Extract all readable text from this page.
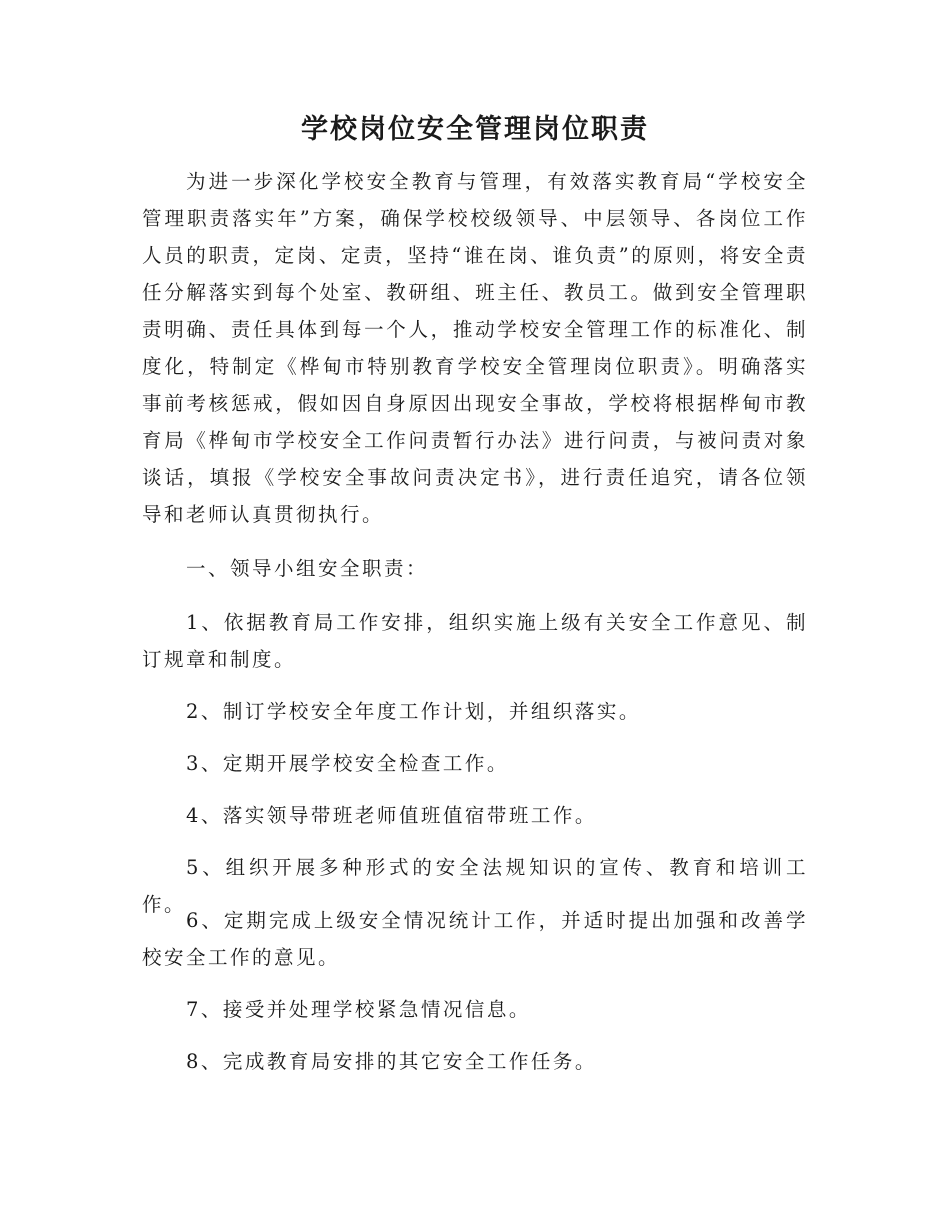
学校岗位安全管理岗位职责

为进一步深化学校安全教育与管理，有效落实教育局“学校安全管理职责落实年”方案，确保学校校级领导、中层领导、各岗位工作人员的职责，定岗、定责，坚持“谁在岗、谁负责”的原则，将安全责任分解落实到每个处室、教研组、班主任、教员工。做到安全管理职责明确、责任具体到每一个人，推动学校安全管理工作的标准化、制度化，特制定《桦甸市特别教育学校安全管理岗位职责》。明确落实事前考核惩戒，假如因自身原因出现安全事故，学校将根据桦甸市教育局《桦甸市学校安全工作问责暂行办法》进行问责，与被问责对象谈话，填报《学校安全事故问责决定书》，进行责任追究，请各位领导和老师认真贯彻执行。

一、领导小组安全职责：

1、依据教育局工作安排，组织实施上级有关安全工作意见、制订规章和制度。

2、制订学校安全年度工作计划，并组织落实。

3、定期开展学校安全检查工作。

4、落实领导带班老师值班值宿带班工作。

5、组织开展多种形式的安全法规知识的宣传、教育和培训工作。

6、定期完成上级安全情况统计工作，并适时提出加强和改善学校安全工作的意见。

7、接受并处理学校紧急情况信息。

8、完成教育局安排的其它安全工作任务。
